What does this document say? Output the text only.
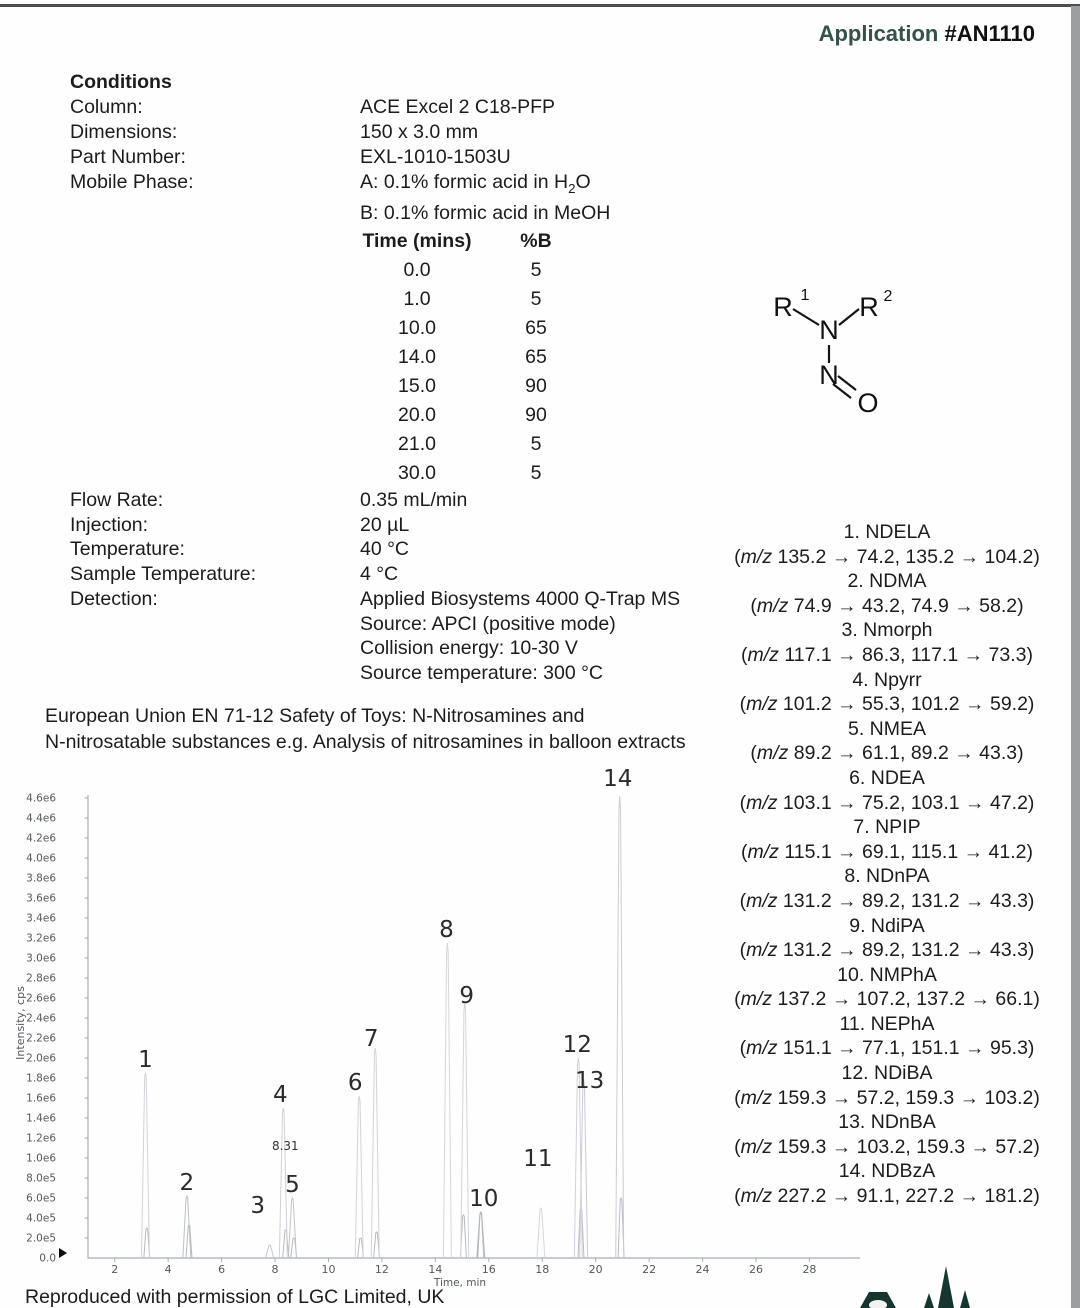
Application #AN1110
Conditions
Column:	ACE Excel 2 C18-PFP
Dimensions:	150 x 3.0 mm
Part Number:	EXL-1010-1503U
Mobile Phase:	A: 0.1% formic acid in $H_2O$
B: 0.1% formic acid in MeOH
Time (mins)	%B
0.0	5
1.0	5
10.0	65
14.0	65
15.0	90
20.0	90
21.0	5
30.0	5
Flow Rate:	0.35 mL/min
Injection:	20 µL
Temperature:	40 °C
Sample Temperature:	4 °C
Detection:	Applied Biosystems 4000 Q-Trap MS
Source: APCI (positive mode)
Collision energy: 10-30 V
Source temperature: 300 °C
R 1 R 2
N
N
O
1. NDELA
(m/z 135.2 → 74.2, 135.2 → 104.2)
2. NDMA
(m/z 74.9 → 43.2, 74.9 → 58.2)
3. Nmorph
(m/z 117.1 → 86.3, 117.1 → 73.3)
4. Npyrr
(m/z 101.2 → 55.3, 101.2 → 59.2)
5. NMEA
(m/z 89.2 → 61.1, 89.2 → 43.3)
6. NDEA
(m/z 103.1 → 75.2, 103.1 → 47.2)
7. NPIP
(m/z 115.1 → 69.1, 115.1 → 41.2)
8. NDnPA
(m/z 131.2 → 89.2, 131.2 → 43.3)
9. NdiPA
(m/z 131.2 → 89.2, 131.2 → 43.3)
10. NMPhA
(m/z 137.2 → 107.2, 137.2 → 66.1)
11. NEPhA
(m/z 151.1 → 77.1, 151.1 → 95.3)
12. NDiBA
(m/z 159.3 → 57.2, 159.3 → 103.2)
13. NDnBA
(m/z 159.3 → 103.2, 159.3 → 57.2)
14. NDBzA
(m/z 227.2 → 91.1, 227.2 → 181.2)
European Union EN 71-12 Safety of Toys: N-Nitrosamines and
N-nitrosatable substances e.g. Analysis of nitrosamines in balloon extracts
0.0
2.0e5
4.0e5
6.0e5
8.0e5
1.0e6
1.2e6
1.4e6
1.6e6
1.8e6
2.0e6
2.2e6
2.4e6
2.6e6
2.8e6
3.0e6
3.2e6
3.4e6
3.6e6
3.8e6
4.0e6
4.2e6
4.4e6
4.6e6
2	4	6	8	10	12	14	16	18	20	22	24	26	28
Time, min
Intensity, cps
1
2
3
4
5
6
7
8
9
10
11
12
13
14
8.31
Reproduced with permission of LGC Limited, UK
